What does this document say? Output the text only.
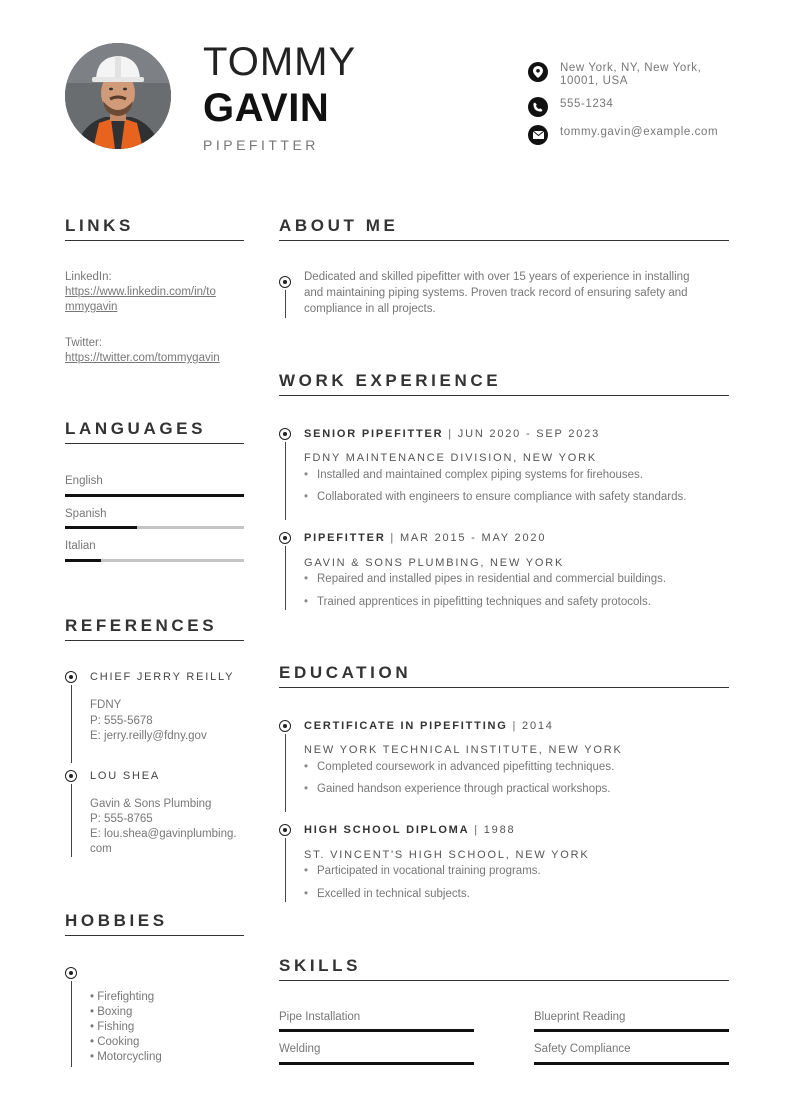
TOMMY
GAVIN
PIPEFITTER
New York, NY, New York, 10001, USA
555-1234
tommy.gavin@example.com
LINKS
LinkedIn:
https://www.linkedin.com/in/to
mmygavin
Twitter:
https://twitter.com/tommygavin
LANGUAGES
English
Spanish
Italian
REFERENCES
CHIEF JERRY REILLY
FDNY
P: 555-5678
E: jerry.reilly@fdny.gov
LOU SHEA
Gavin & Sons Plumbing
P: 555-8765
E: lou.shea@gavinplumbing.
com
HOBBIES
• Firefighting
• Boxing
• Fishing
• Cooking
• Motorcycling
ABOUT ME
Dedicated and skilled pipefitter with over 15 years of experience in installing
and maintaining piping systems. Proven track record of ensuring safety and
compliance in all projects.
WORK EXPERIENCE
SENIOR PIPEFITTER | JUN 2020 - SEP 2023
FDNY MAINTENANCE DIVISION, NEW YORK
• Installed and maintained complex piping systems for firehouses.
• Collaborated with engineers to ensure compliance with safety standards.
PIPEFITTER | MAR 2015 - MAY 2020
GAVIN & SONS PLUMBING, NEW YORK
• Repaired and installed pipes in residential and commercial buildings.
• Trained apprentices in pipefitting techniques and safety protocols.
EDUCATION
CERTIFICATE IN PIPEFITTING | 2014
NEW YORK TECHNICAL INSTITUTE, NEW YORK
• Completed coursework in advanced pipefitting techniques.
• Gained handson experience through practical workshops.
HIGH SCHOOL DIPLOMA | 1988
ST. VINCENT'S HIGH SCHOOL, NEW YORK
• Participated in vocational training programs.
• Excelled in technical subjects.
SKILLS
Pipe Installation	Blueprint Reading
Welding	Safety Compliance
